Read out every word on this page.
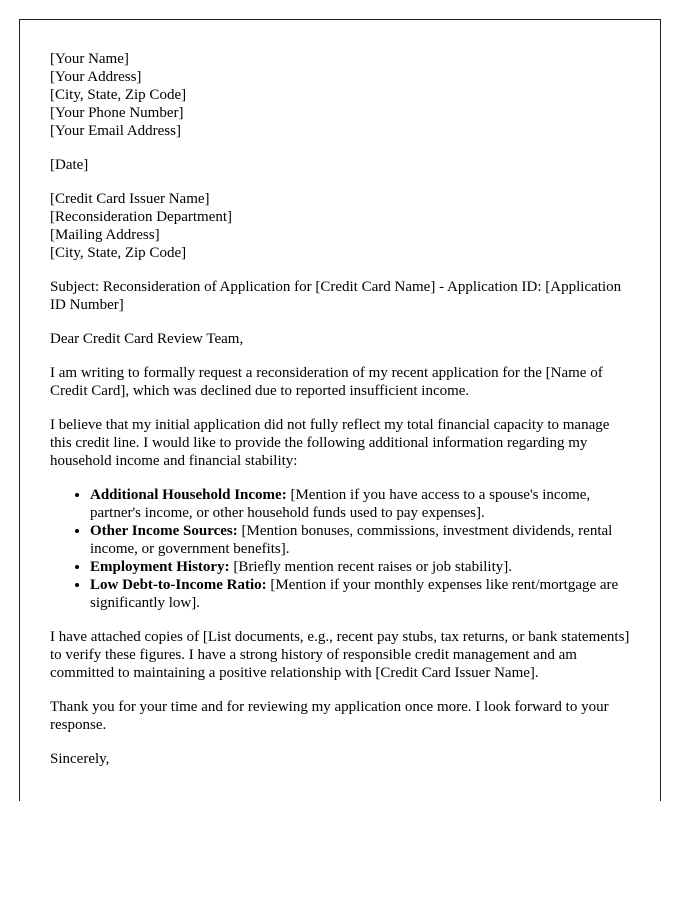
[Your Name]
[Your Address]
[City, State, Zip Code]
[Your Phone Number]
[Your Email Address]
[Date]
[Credit Card Issuer Name]
[Reconsideration Department]
[Mailing Address]
[City, State, Zip Code]

Subject: Reconsideration of Application for [Credit Card Name] - Application ID: [Application ID Number]

Dear Credit Card Review Team,

I am writing to formally request a reconsideration of my recent application for the [Name of Credit Card], which was declined due to reported insufficient income.

I believe that my initial application did not fully reflect my total financial capacity to manage this credit line. I would like to provide the following additional information regarding my household income and financial stability:

• Additional Household Income: [Mention if you have access to a spouse's income, partner's income, or other household funds used to pay expenses].
• Other Income Sources: [Mention bonuses, commissions, investment dividends, rental income, or government benefits].
• Employment History: [Briefly mention recent raises or job stability].
• Low Debt-to-Income Ratio: [Mention if your monthly expenses like rent/mortgage are significantly low].

I have attached copies of [List documents, e.g., recent pay stubs, tax returns, or bank statements] to verify these figures. I have a strong history of responsible credit management and am committed to maintaining a positive relationship with [Credit Card Issuer Name].

Thank you for your time and for reviewing my application once more. I look forward to your response.

Sincerely,
